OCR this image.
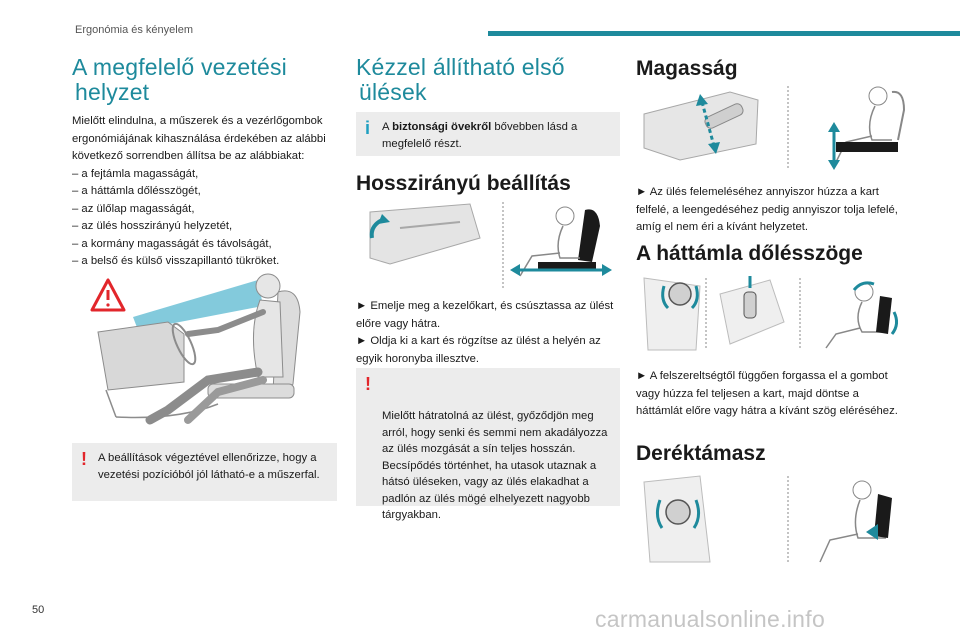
Ergonómia és kényelem
A megfelelő vezetési
helyzet

Mielőtt elindulna, a műszerek és a vezérlőgombok ergonómiájának kihasználása érdekében az alábbi következő sorrendben állítsa be az alábbiakat:

– a fejtámla magasságát,

– a háttámla dőlésszögét,

– az ülőlap magasságát,

– az ülés hosszirányú helyzetét,

– a kormány magasságát és távolságát,

– a belső és külső visszapillantó tükröket.

! A beállítások végeztével ellenőrizze, hogy a vezetési pozícióból jól látható-e a műszerfal.
Kézzel állítható első
ülések
i A biztonsági övekről bővebben lásd a megfelelő részt.
Hosszirányú beállítás

► Emelje meg a kezelőkart, és csúsztassa az ülést előre vagy hátra.

► Oldja ki a kart és rögzítse az ülést a helyén az egyik horonyba illesztve.

!

Mielőtt hátratolná az ülést, győződjön meg arról, hogy senki és semmi nem akadályozza az ülés mozgását a sín teljes hosszán.
Becsípődés történhet, ha utasok utaznak a hátsó üléseken, vagy az ülés elakadhat a padlón az ülés mögé elhelyezett nagyobb tárgyakban.

Magasság
► Az ülés felemeléséhez annyiszor húzza a kart felfelé, a leengedéséhez pedig annyiszor tolja lefelé, amíg el nem éri a kívánt helyzetet.
A háttámla dőlésszöge
► A felszereltségtől függően forgassa el a gombot vagy húzza fel teljesen a kart, majd döntse a háttámlát előre vagy hátra a kívánt szög eléréséhez.
Deréktámasz
50	carmanualsonline.info
